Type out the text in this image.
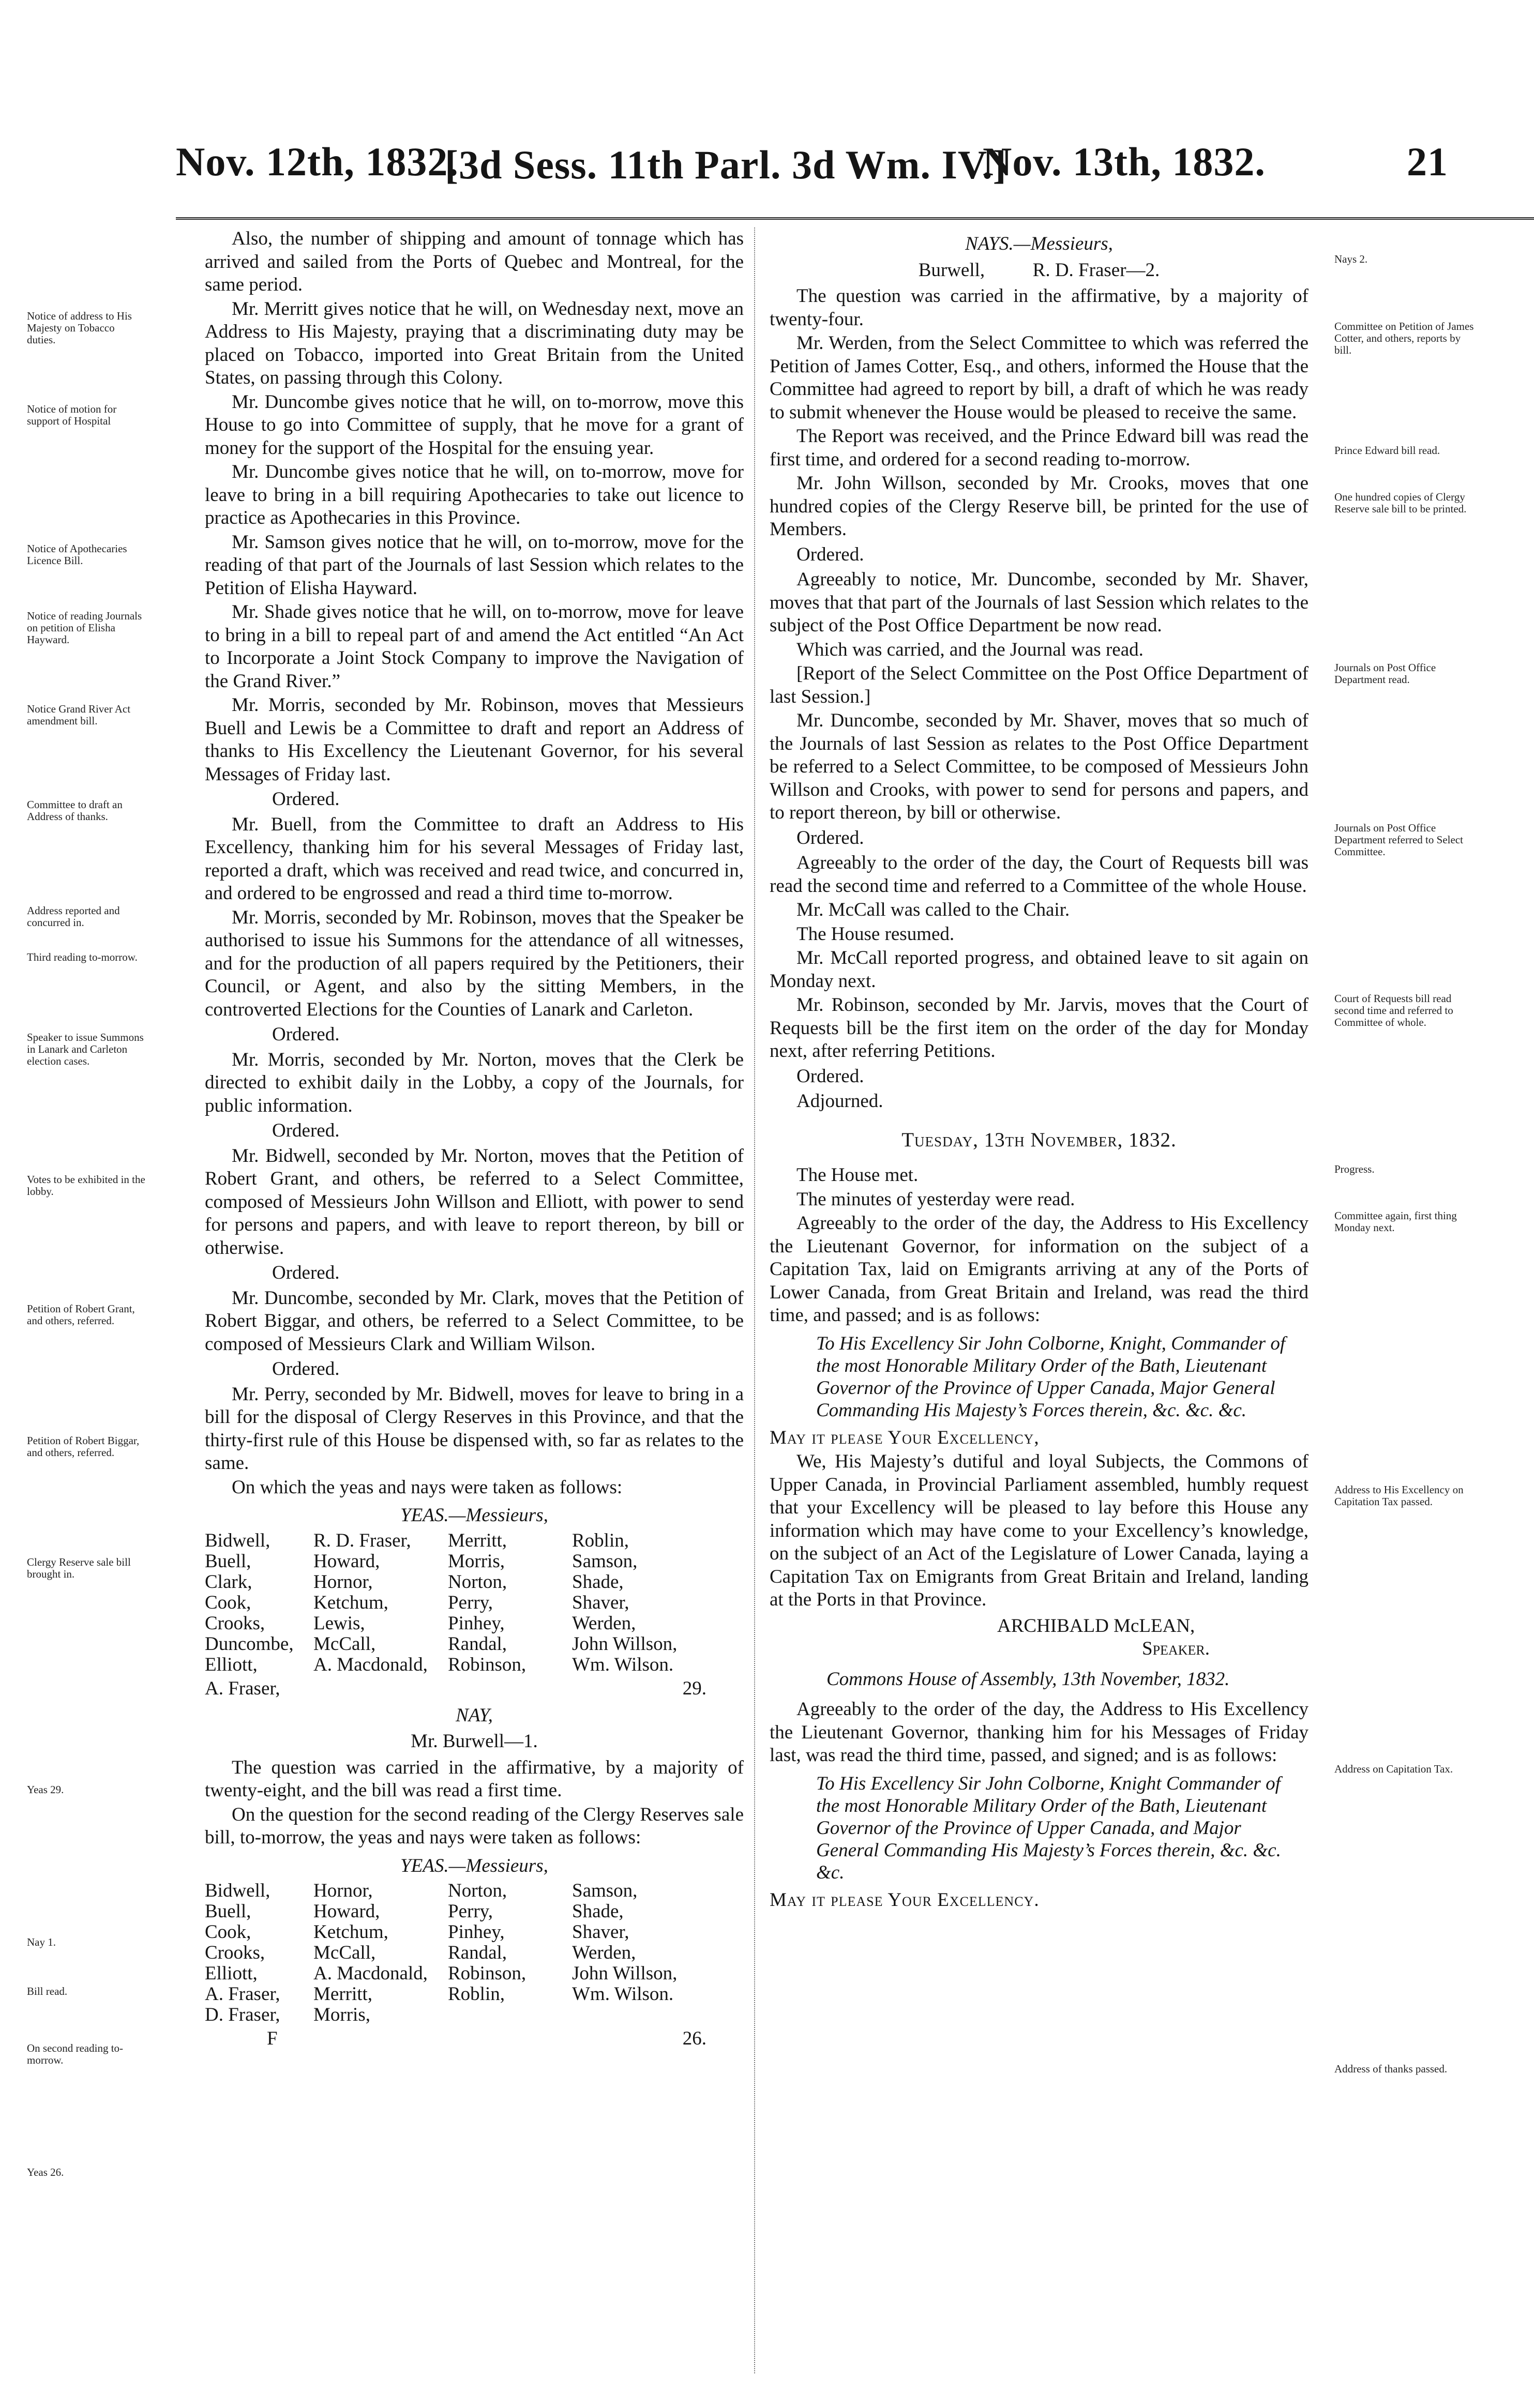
Nov. 12th, 1832.
[3d Sess. 11th Parl. 3d Wm. IV.]
Nov. 13th, 1832.	21
Notice of address to His Majesty on Tobacco duties.
Notice of motion for support of Hospital
Notice of Apothecaries Licence Bill.
Notice of reading Journals on petition of Elisha Hayward.
Notice Grand River Act amendment bill.
Committee to draft an Address of thanks.
Address reported and concurred in.
Third reading to-morrow.
Speaker to issue Summons in Lanark and Carleton election cases.
Votes to be exhibited in the lobby.
Petition of Robert Grant, and others, referred.
Petition of Robert Biggar, and others, referred.
Clergy Reserve sale bill brought in.
Yeas 29.
Nay 1.
Bill read.
On second reading to-morrow.
Yeas 26.
Nays 2.
Committee on Petition of James Cotter, and others, reports by bill.
Prince Edward bill read.
One hundred copies of Clergy Reserve sale bill to be printed.
Journals on Post Office Department read.
Journals on Post Office Department referred to Select Committee.
Court of Requests bill read second time and referred to Committee of whole.
Progress.
Committee again, first thing Monday next.
Address to His Excellency on Capitation Tax passed.
Address on Capitation Tax.
Address of thanks passed.

Also, the number of shipping and amount of tonnage which has arrived and sailed from the Ports of Quebec and Montreal, for the same period.

Mr. Merritt gives notice that he will, on Wednesday next, move an Address to His Majesty, praying that a discriminating duty may be placed on Tobacco, imported into Great Britain from the United States, on passing through this Colony.

Mr. Duncombe gives notice that he will, on to-morrow, move this House to go into Committee of supply, that he move for a grant of money for the support of the Hospital for the ensuing year.

Mr. Duncombe gives notice that he will, on to-morrow, move for leave to bring in a bill requiring Apothecaries to take out licence to practice as Apothecaries in this Province.

Mr. Samson gives notice that he will, on to-morrow, move for the reading of that part of the Journals of last Session which relates to the Petition of Elisha Hayward.

Mr. Shade gives notice that he will, on to-morrow, move for leave to bring in a bill to repeal part of and amend the Act entitled “An Act to Incorporate a Joint Stock Company to improve the Navigation of the Grand River.”

Mr. Morris, seconded by Mr. Robinson, moves that Messieurs Buell and Lewis be a Committee to draft and report an Address of thanks to His Excellency the Lieutenant Governor, for his several Messages of Friday last.

Ordered.

Mr. Buell, from the Committee to draft an Address to His Excellency, thanking him for his several Messages of Friday last, reported a draft, which was received and read twice, and concurred in, and ordered to be engrossed and read a third time to-morrow.

Mr. Morris, seconded by Mr. Robinson, moves that the Speaker be authorised to issue his Summons for the attendance of all witnesses, and for the production of all papers required by the Petitioners, their Council, or Agent, and also by the sitting Members, in the controverted Elections for the Counties of Lanark and Carleton.

Ordered.

Mr. Morris, seconded by Mr. Norton, moves that the Clerk be directed to exhibit daily in the Lobby, a copy of the Journals, for public information.

Ordered.

Mr. Bidwell, seconded by Mr. Norton, moves that the Petition of Robert Grant, and others, be referred to a Select Committee, composed of Messieurs John Willson and Elliott, with power to send for persons and papers, and with leave to report thereon, by bill or otherwise.

Ordered.

Mr. Duncombe, seconded by Mr. Clark, moves that the Petition of Robert Biggar, and others, be referred to a Select Committee, to be composed of Messieurs Clark and William Wilson.

Ordered.

Mr. Perry, seconded by Mr. Bidwell, moves for leave to bring in a bill for the disposal of Clergy Reserves in this Province, and that the thirty-first rule of this House be dispensed with, so far as relates to the same.

On which the yeas and nays were taken as follows:

YEAS.—Messieurs,
Bidwell,	R. D. Fraser,	Merritt,	Roblin,
Buell,	Howard,	Morris,	Samson,
Clark,	Hornor,	Norton,	Shade,
Cook,	Ketchum,	Perry,	Shaver,
Crooks,	Lewis,	Pinhey,	Werden,
Duncombe,	McCall,	Randal,	John Willson,
Elliott,	A. Macdonald,	Robinson,	Wm. Wilson.
A. Fraser,	29.
NAY,
Mr. Burwell—1.

The question was carried in the affirmative, by a majority of twenty-eight, and the bill was read a first time.

On the question for the second reading of the Clergy Reserves sale bill, to-morrow, the yeas and nays were taken as follows:

YEAS.—Messieurs,
Bidwell,	Hornor,	Norton,	Samson,
Buell,	Howard,	Perry,	Shade,
Cook,	Ketchum,	Pinhey,	Shaver,
Crooks,	McCall,	Randal,	Werden,
Elliott,	A. Macdonald,	Robinson,	John Willson,
A. Fraser,	Merritt,	Roblin,	Wm. Wilson.
D. Fraser,	Morris,
F	26.
NAYS.—Messieurs,
Burwell,          R. D. Fraser—2.

The question was carried in the affirmative, by a majority of twenty-four.

Mr. Werden, from the Select Committee to which was referred the Petition of James Cotter, Esq., and others, informed the House that the Committee had agreed to report by bill, a draft of which he was ready to submit whenever the House would be pleased to receive the same.

The Report was received, and the Prince Edward bill was read the first time, and ordered for a second reading to-morrow.

Mr. John Willson, seconded by Mr. Crooks, moves that one hundred copies of the Clergy Reserve bill, be printed for the use of Members.

Ordered.

Agreeably to notice, Mr. Duncombe, seconded by Mr. Shaver, moves that that part of the Journals of last Session which relates to the subject of the Post Office Department be now read.

Which was carried, and the Journal was read.

[Report of the Select Committee on the Post Office Department of last Session.]

Mr. Duncombe, seconded by Mr. Shaver, moves that so much of the Journals of last Session as relates to the Post Office Department be referred to a Select Committee, to be composed of Messieurs John Willson and Crooks, with power to send for persons and papers, and to report thereon, by bill or otherwise.

Ordered.

Agreeably to the order of the day, the Court of Requests bill was read the second time and referred to a Committee of the whole House.

Mr. McCall was called to the Chair.

The House resumed.

Mr. McCall reported progress, and obtained leave to sit again on Monday next.

Mr. Robinson, seconded by Mr. Jarvis, moves that the Court of Requests bill be the first item on the order of the day for Monday next, after referring Petitions.

Ordered.

Adjourned.

Tuesday, 13th November, 1832.

The House met.

The minutes of yesterday were read.

Agreeably to the order of the day, the Address to His Excellency the Lieutenant Governor, for information on the subject of a Capitation Tax, laid on Emigrants arriving at any of the Ports of Lower Canada, from Great Britain and Ireland, was read the third time, and passed; and is as follows:

To His Excellency Sir John Colborne, Knight, Commander of the most Honorable Military Order of the Bath, Lieutenant Governor of the Province of Upper Canada, Major General Commanding His Majesty’s Forces therein, &c. &c. &c.

May it please Your Excellency,

We, His Majesty’s dutiful and loyal Subjects, the Commons of Upper Canada, in Provincial Parliament assembled, humbly request that your Excellency will be pleased to lay before this House any information which may have come to your Excellency’s knowledge, on the subject of an Act of the Legislature of Lower Canada, laying a Capitation Tax on Emigrants from Great Britain and Ireland, landing at the Ports in that Province.

ARCHIBALD McLEAN,

Speaker.

Commons House of Assembly, 13th November, 1832.

Agreeably to the order of the day, the Address to His Excellency the Lieutenant Governor, thanking him for his Messages of Friday last, was read the third time, passed, and signed; and is as follows:

To His Excellency Sir John Colborne, Knight Commander of the most Honorable Military Order of the Bath, Lieutenant Governor of the Province of Upper Canada, and Major General Commanding His Majesty’s Forces therein, &c. &c. &c.

May it please Your Excellency.
